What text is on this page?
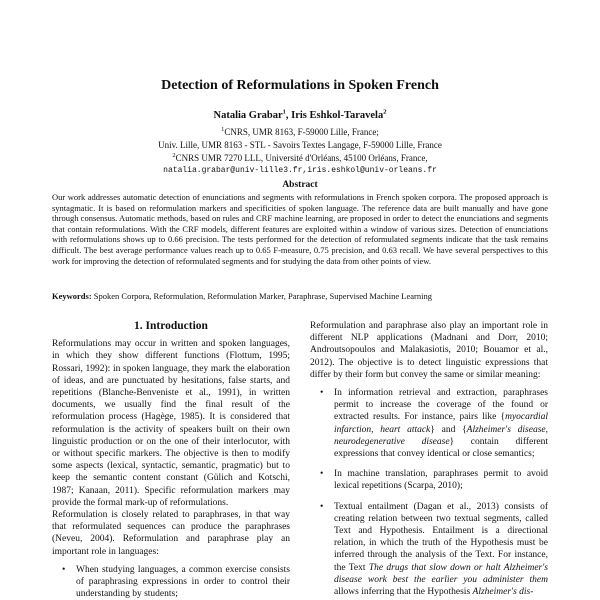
Detection of Reformulations in Spoken French
Natalia Grabar$^1$, Iris Eshkol-Taravela$^2$
$^1$CNRS, UMR 8163, F-59000 Lille, France;
Univ. Lille, UMR 8163 - STL - Savoirs Textes Langage, F-59000 Lille, France
$^2$CNRS UMR 7270 LLL, Université d'Orléans, 45100 Orléans, France,
natalia.grabar@univ-lille3.fr,iris.eshkol@univ-orleans.fr
Abstract
Our work addresses automatic detection of enunciations and segments with reformulations in French spoken corpora. The proposed approach is syntagmatic. It is based on reformulation markers and specificities of spoken language. The reference data are built manually and have gone through consensus. Automatic methods, based on rules and CRF machine learning, are proposed in order to detect the enunciations and segments that contain reformulations. With the CRF models, different features are exploited within a window of various sizes. Detection of enunciations with reformulations shows up to 0.66 precision. The tests performed for the detection of reformulated segments indicate that the task remains difficult. The best average performance values reach up to 0.65 F-measure, 0.75 precision, and 0.63 recall. We have several perspectives to this work for improving the detection of reformulated segments and for studying the data from other points of view.
Keywords: Spoken Corpora, Reformulation, Reformulation Marker, Paraphrase, Supervised Machine Learning
1. Introduction

Reformulations may occur in written and spoken languages, in which they show different functions (Flottum, 1995; Rossari, 1992): in spoken language, they mark the elaboration of ideas, and are punctuated by hesitations, false starts, and repetitions (Blanche-Benveniste et al., 1991), in written documents, we usually find the final result of the reformulation process (Hagège, 1985). It is considered that reformulation is the activity of speakers built on their own linguistic production or on the one of their interlocutor, with or without specific markers. The objective is then to modify some aspects (lexical, syntactic, semantic, pragmatic) but to keep the semantic content constant (Gülich and Kotschi, 1987; Kanaan, 2011). Specific reformulation markers may provide the formal mark-up of reformulations.

Reformulation is closely related to paraphrases, in that way that reformulated sequences can produce the paraphrases (Neveu, 2004). Reformulation and paraphrase play an important role in languages:

• When studying languages, a common exercise consists of paraphrasing expressions in order to control their understanding by students;

Reformulation and paraphrase also play an important role in different NLP applications (Madnani and Dorr, 2010; Androutsopoulos and Malakasiotis, 2010; Bouamor et al., 2012). The objective is to detect linguistic expressions that differ by their form but convey the same or similar meaning:

• In information retrieval and extraction, paraphrases permit to increase the coverage of the found or extracted results. For instance, pairs like {myocardial infarction, heart attack} and {Alzheimer's disease, neurodegenerative disease} contain different expressions that convey identical or close semantics;
• In machine translation, paraphrases permit to avoid lexical repetitions (Scarpa, 2010);
• Textual entailment (Dagan et al., 2013) consists of creating relation between two textual segments, called Text and Hypothesis. Entailment is a directional relation, in which the truth of the Hypothesis must be inferred through the analysis of the Text. For instance, the Text The drugs that slow down or halt Alzheimer's disease work best the earlier you administer them allows inferring that the Hypothesis Alzheimer's dis-
